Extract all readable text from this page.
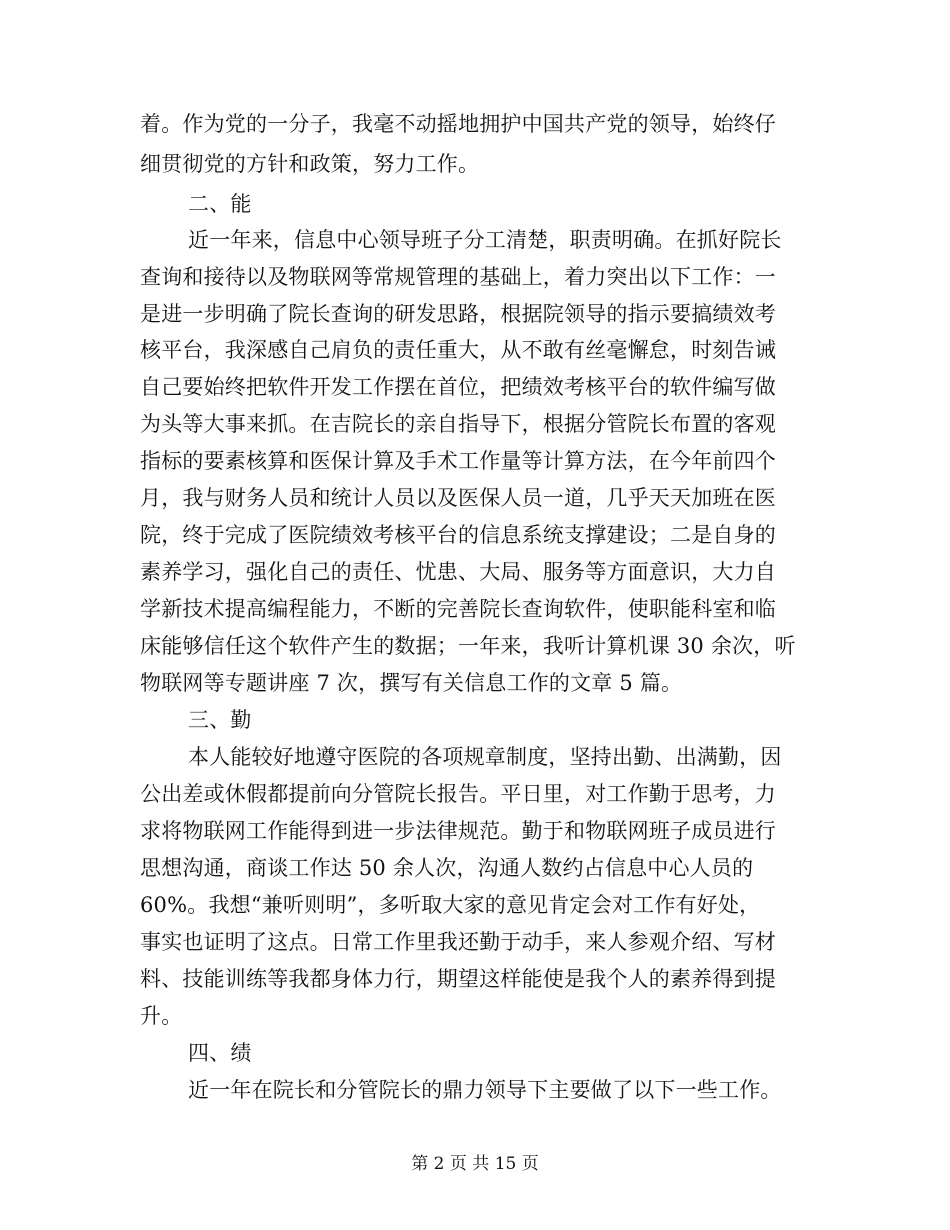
着。作为党的一分子，我毫不动摇地拥护中国共产党的领导，始终仔
细贯彻党的方针和政策，努力工作。
二、能
近一年来，信息中心领导班子分工清楚，职责明确。在抓好院长
查询和接待以及物联网等常规管理的基础上，着力突出以下工作：一
是进一步明确了院长查询的研发思路，根据院领导的指示要搞绩效考
核平台，我深感自己肩负的责任重大，从不敢有丝毫懈怠，时刻告诫
自己要始终把软件开发工作摆在首位，把绩效考核平台的软件编写做
为头等大事来抓。在吉院长的亲自指导下，根据分管院长布置的客观
指标的要素核算和医保计算及手术工作量等计算方法，在今年前四个
月，我与财务人员和统计人员以及医保人员一道，几乎天天加班在医
院，终于完成了医院绩效考核平台的信息系统支撑建设；二是自身的
素养学习，强化自己的责任、忧患、大局、服务等方面意识，大力自
学新技术提高编程能力，不断的完善院长查询软件，使职能科室和临
床能够信任这个软件产生的数据；一年来，我听计算机课 30 余次，听
物联网等专题讲座 7 次，撰写有关信息工作的文章 5 篇。
三、勤
本人能较好地遵守医院的各项规章制度，坚持出勤、出满勤，因
公出差或休假都提前向分管院长报告。平日里，对工作勤于思考，力
求将物联网工作能得到进一步法律规范。勤于和物联网班子成员进行
思想沟通，商谈工作达 50 余人次，沟通人数约占信息中心人员的
60%。我想“兼听则明”，多听取大家的意见肯定会对工作有好处，
事实也证明了这点。日常工作里我还勤于动手，来人参观介绍、写材
料、技能训练等我都身体力行，期望这样能使是我个人的素养得到提
升。
四、绩
近一年在院长和分管院长的鼎力领导下主要做了以下一些工作。
第 2 页 共 15 页
